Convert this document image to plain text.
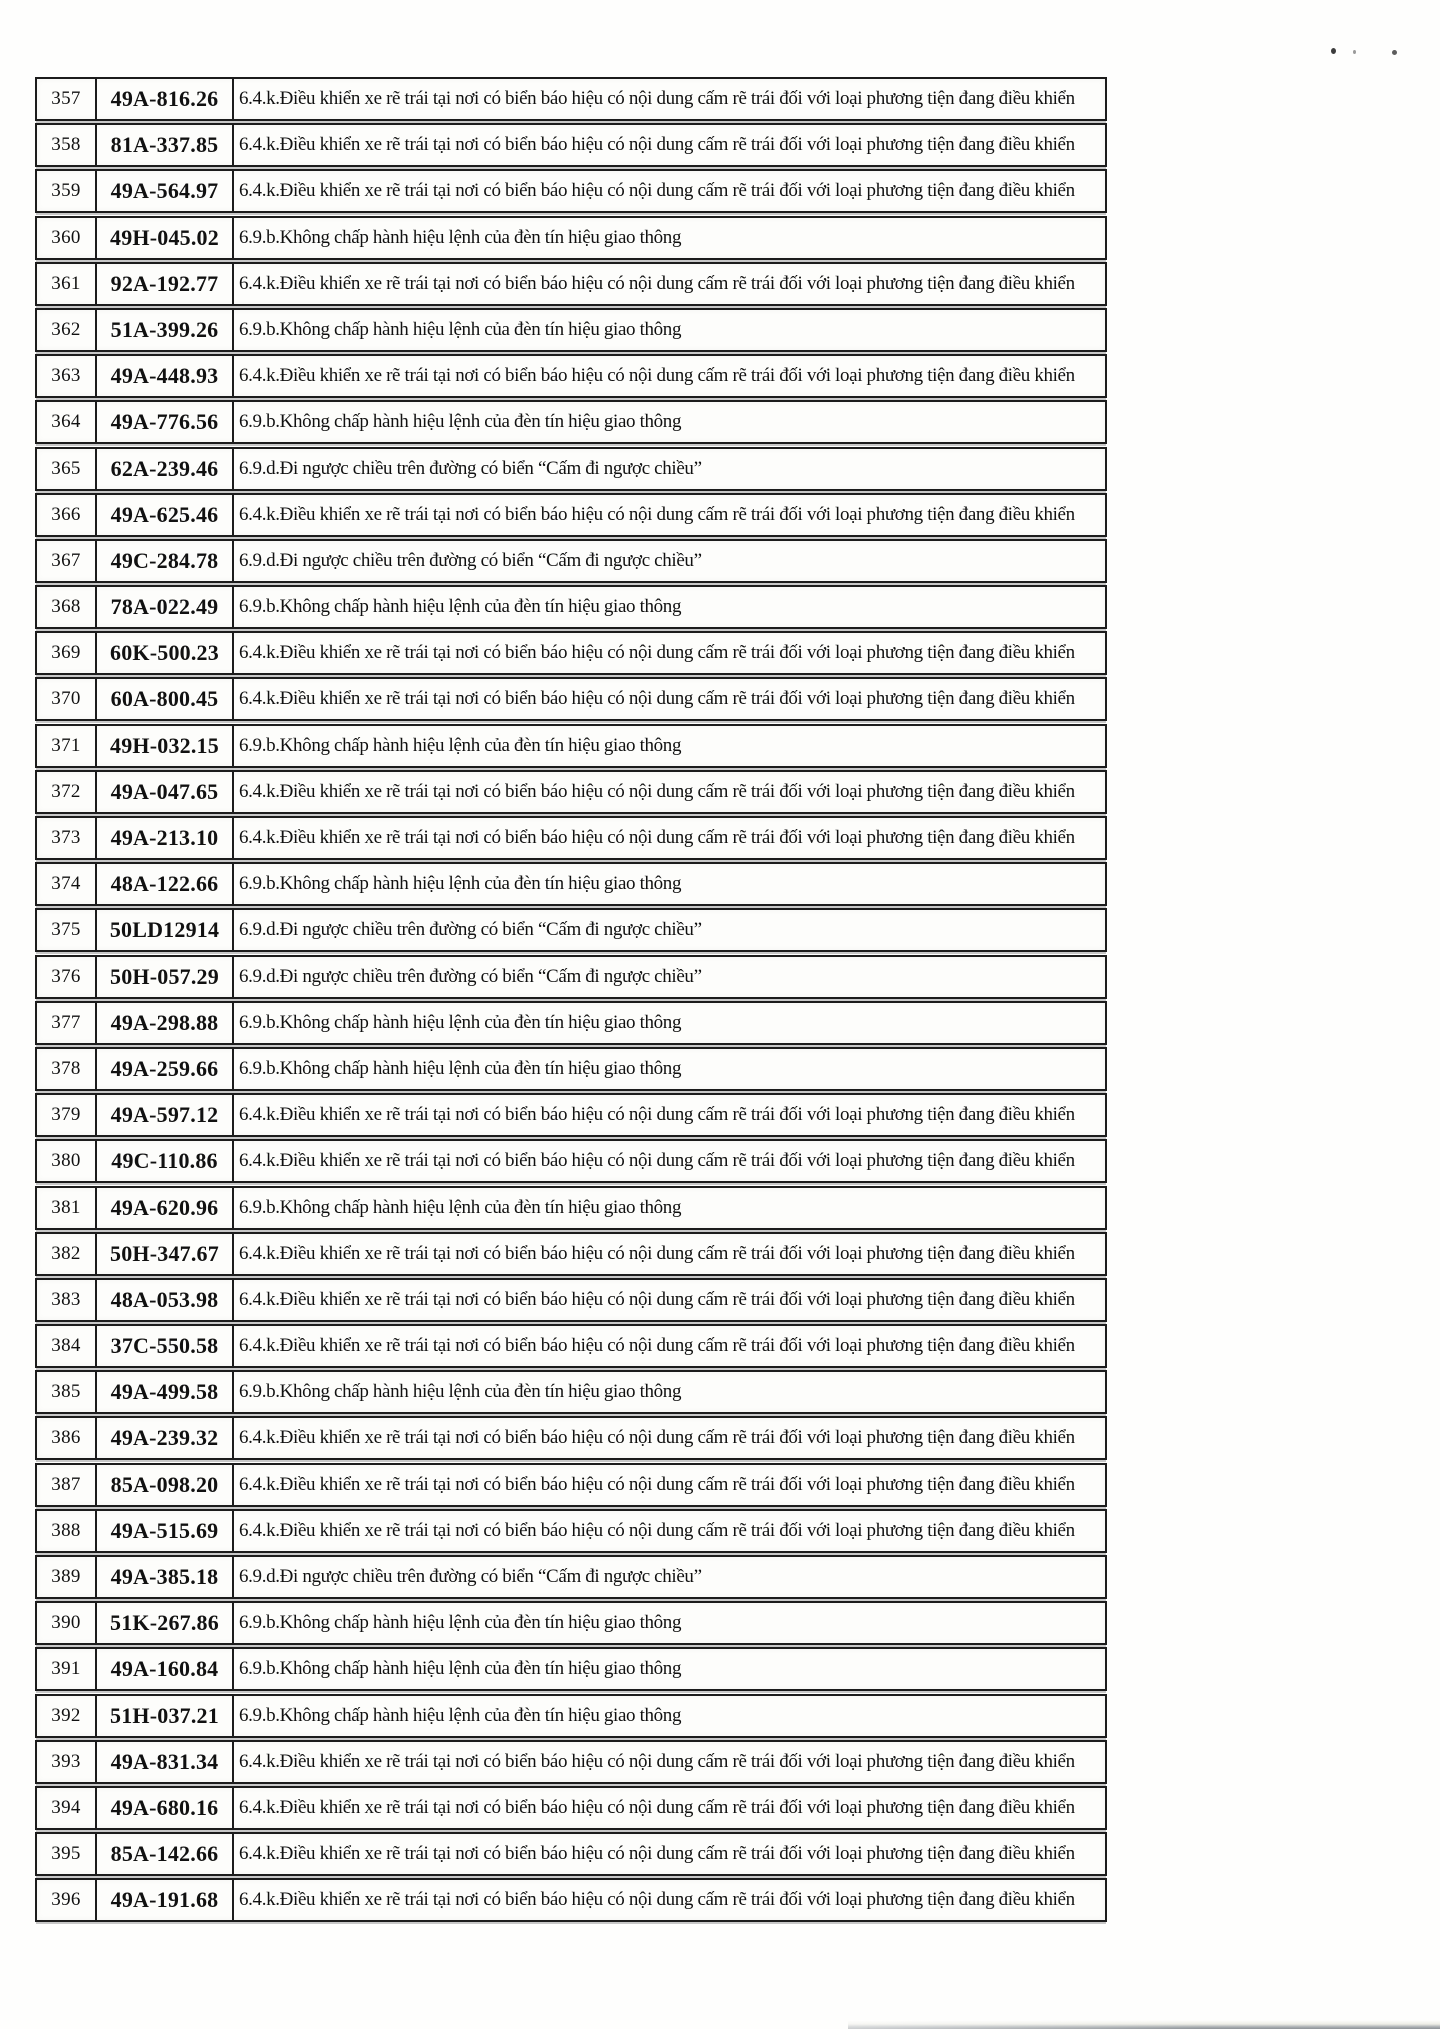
357	49A-816.26	6.4.k.Điều khiển xe rẽ trái tại nơi có biển báo hiệu có nội dung cấm rẽ trái đối với loại phương tiện đang điều khiển
358	81A-337.85	6.4.k.Điều khiển xe rẽ trái tại nơi có biển báo hiệu có nội dung cấm rẽ trái đối với loại phương tiện đang điều khiển
359	49A-564.97	6.4.k.Điều khiển xe rẽ trái tại nơi có biển báo hiệu có nội dung cấm rẽ trái đối với loại phương tiện đang điều khiển
360	49H-045.02	6.9.b.Không chấp hành hiệu lệnh của đèn tín hiệu giao thông
361	92A-192.77	6.4.k.Điều khiển xe rẽ trái tại nơi có biển báo hiệu có nội dung cấm rẽ trái đối với loại phương tiện đang điều khiển
362	51A-399.26	6.9.b.Không chấp hành hiệu lệnh của đèn tín hiệu giao thông
363	49A-448.93	6.4.k.Điều khiển xe rẽ trái tại nơi có biển báo hiệu có nội dung cấm rẽ trái đối với loại phương tiện đang điều khiển
364	49A-776.56	6.9.b.Không chấp hành hiệu lệnh của đèn tín hiệu giao thông
365	62A-239.46	6.9.d.Đi ngược chiều trên đường có biển “Cấm đi ngược chiều”
366	49A-625.46	6.4.k.Điều khiển xe rẽ trái tại nơi có biển báo hiệu có nội dung cấm rẽ trái đối với loại phương tiện đang điều khiển
367	49C-284.78	6.9.d.Đi ngược chiều trên đường có biển “Cấm đi ngược chiều”
368	78A-022.49	6.9.b.Không chấp hành hiệu lệnh của đèn tín hiệu giao thông
369	60K-500.23	6.4.k.Điều khiển xe rẽ trái tại nơi có biển báo hiệu có nội dung cấm rẽ trái đối với loại phương tiện đang điều khiển
370	60A-800.45	6.4.k.Điều khiển xe rẽ trái tại nơi có biển báo hiệu có nội dung cấm rẽ trái đối với loại phương tiện đang điều khiển
371	49H-032.15	6.9.b.Không chấp hành hiệu lệnh của đèn tín hiệu giao thông
372	49A-047.65	6.4.k.Điều khiển xe rẽ trái tại nơi có biển báo hiệu có nội dung cấm rẽ trái đối với loại phương tiện đang điều khiển
373	49A-213.10	6.4.k.Điều khiển xe rẽ trái tại nơi có biển báo hiệu có nội dung cấm rẽ trái đối với loại phương tiện đang điều khiển
374	48A-122.66	6.9.b.Không chấp hành hiệu lệnh của đèn tín hiệu giao thông
375	50LD12914	6.9.d.Đi ngược chiều trên đường có biển “Cấm đi ngược chiều”
376	50H-057.29	6.9.d.Đi ngược chiều trên đường có biển “Cấm đi ngược chiều”
377	49A-298.88	6.9.b.Không chấp hành hiệu lệnh của đèn tín hiệu giao thông
378	49A-259.66	6.9.b.Không chấp hành hiệu lệnh của đèn tín hiệu giao thông
379	49A-597.12	6.4.k.Điều khiển xe rẽ trái tại nơi có biển báo hiệu có nội dung cấm rẽ trái đối với loại phương tiện đang điều khiển
380	49C-110.86	6.4.k.Điều khiển xe rẽ trái tại nơi có biển báo hiệu có nội dung cấm rẽ trái đối với loại phương tiện đang điều khiển
381	49A-620.96	6.9.b.Không chấp hành hiệu lệnh của đèn tín hiệu giao thông
382	50H-347.67	6.4.k.Điều khiển xe rẽ trái tại nơi có biển báo hiệu có nội dung cấm rẽ trái đối với loại phương tiện đang điều khiển
383	48A-053.98	6.4.k.Điều khiển xe rẽ trái tại nơi có biển báo hiệu có nội dung cấm rẽ trái đối với loại phương tiện đang điều khiển
384	37C-550.58	6.4.k.Điều khiển xe rẽ trái tại nơi có biển báo hiệu có nội dung cấm rẽ trái đối với loại phương tiện đang điều khiển
385	49A-499.58	6.9.b.Không chấp hành hiệu lệnh của đèn tín hiệu giao thông
386	49A-239.32	6.4.k.Điều khiển xe rẽ trái tại nơi có biển báo hiệu có nội dung cấm rẽ trái đối với loại phương tiện đang điều khiển
387	85A-098.20	6.4.k.Điều khiển xe rẽ trái tại nơi có biển báo hiệu có nội dung cấm rẽ trái đối với loại phương tiện đang điều khiển
388	49A-515.69	6.4.k.Điều khiển xe rẽ trái tại nơi có biển báo hiệu có nội dung cấm rẽ trái đối với loại phương tiện đang điều khiển
389	49A-385.18	6.9.d.Đi ngược chiều trên đường có biển “Cấm đi ngược chiều”
390	51K-267.86	6.9.b.Không chấp hành hiệu lệnh của đèn tín hiệu giao thông
391	49A-160.84	6.9.b.Không chấp hành hiệu lệnh của đèn tín hiệu giao thông
392	51H-037.21	6.9.b.Không chấp hành hiệu lệnh của đèn tín hiệu giao thông
393	49A-831.34	6.4.k.Điều khiển xe rẽ trái tại nơi có biển báo hiệu có nội dung cấm rẽ trái đối với loại phương tiện đang điều khiển
394	49A-680.16	6.4.k.Điều khiển xe rẽ trái tại nơi có biển báo hiệu có nội dung cấm rẽ trái đối với loại phương tiện đang điều khiển
395	85A-142.66	6.4.k.Điều khiển xe rẽ trái tại nơi có biển báo hiệu có nội dung cấm rẽ trái đối với loại phương tiện đang điều khiển
396	49A-191.68	6.4.k.Điều khiển xe rẽ trái tại nơi có biển báo hiệu có nội dung cấm rẽ trái đối với loại phương tiện đang điều khiển
